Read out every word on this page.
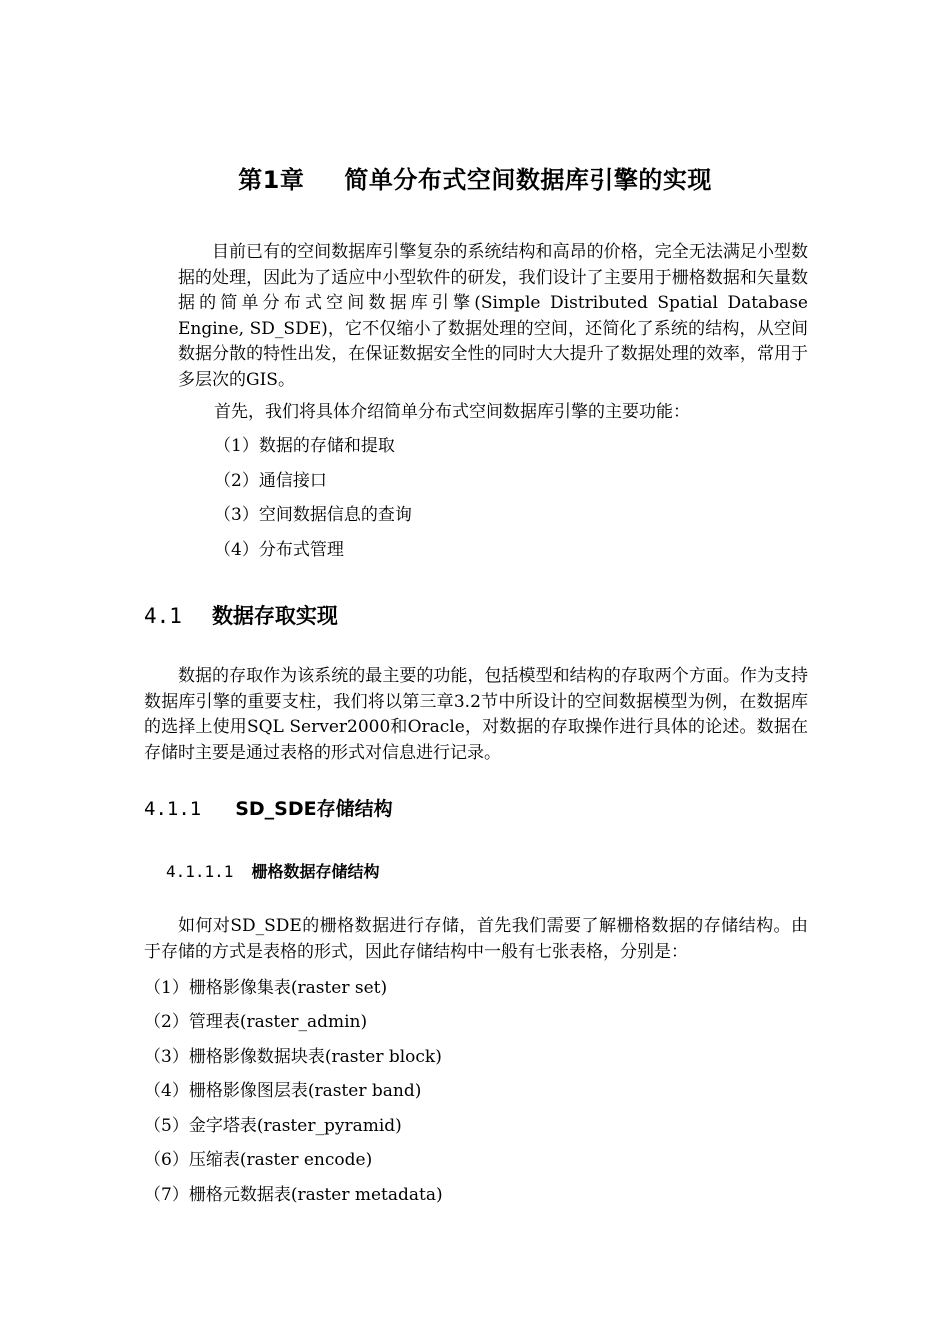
第1章 简单分布式空间数据库引擎的实现
目前已有的空间数据库引擎复杂的系统结构和高昂的价格，完全无法满足小型数据的处理，因此为了适应中小型软件的研发，我们设计了主要用于栅格数据和矢量数据的简单分布式空间数据库引擎(Simple Distributed Spatial Database Engine, SD_SDE)，它不仅缩小了数据处理的空间，还简化了系统的结构，从空间数据分散的特性出发，在保证数据安全性的同时大大提升了数据处理的效率，常用于多层次的GIS。
首先，我们将具体介绍简单分布式空间数据库引擎的主要功能：
（1）数据的存储和提取
（2）通信接口
（3）空间数据信息的查询
（4）分布式管理
4.1 数据存取实现
数据的存取作为该系统的最主要的功能，包括模型和结构的存取两个方面。作为支持数据库引擎的重要支柱，我们将以第三章3.2节中所设计的空间数据模型为例，在数据库的选择上使用SQL Server2000和Oracle，对数据的存取操作进行具体的论述。数据在存储时主要是通过表格的形式对信息进行记录。
4.1.1 SD_SDE存储结构
4.1.1.1 栅格数据存储结构
如何对SD_SDE的栅格数据进行存储，首先我们需要了解栅格数据的存储结构。由于存储的方式是表格的形式，因此存储结构中一般有七张表格，分别是：
（1）栅格影像集表(raster set)
（2）管理表(raster_admin)
（3）栅格影像数据块表(raster block)
（4）栅格影像图层表(raster band)
（5）金字塔表(raster_pyramid)
（6）压缩表(raster encode)
（7）栅格元数据表(raster metadata)
